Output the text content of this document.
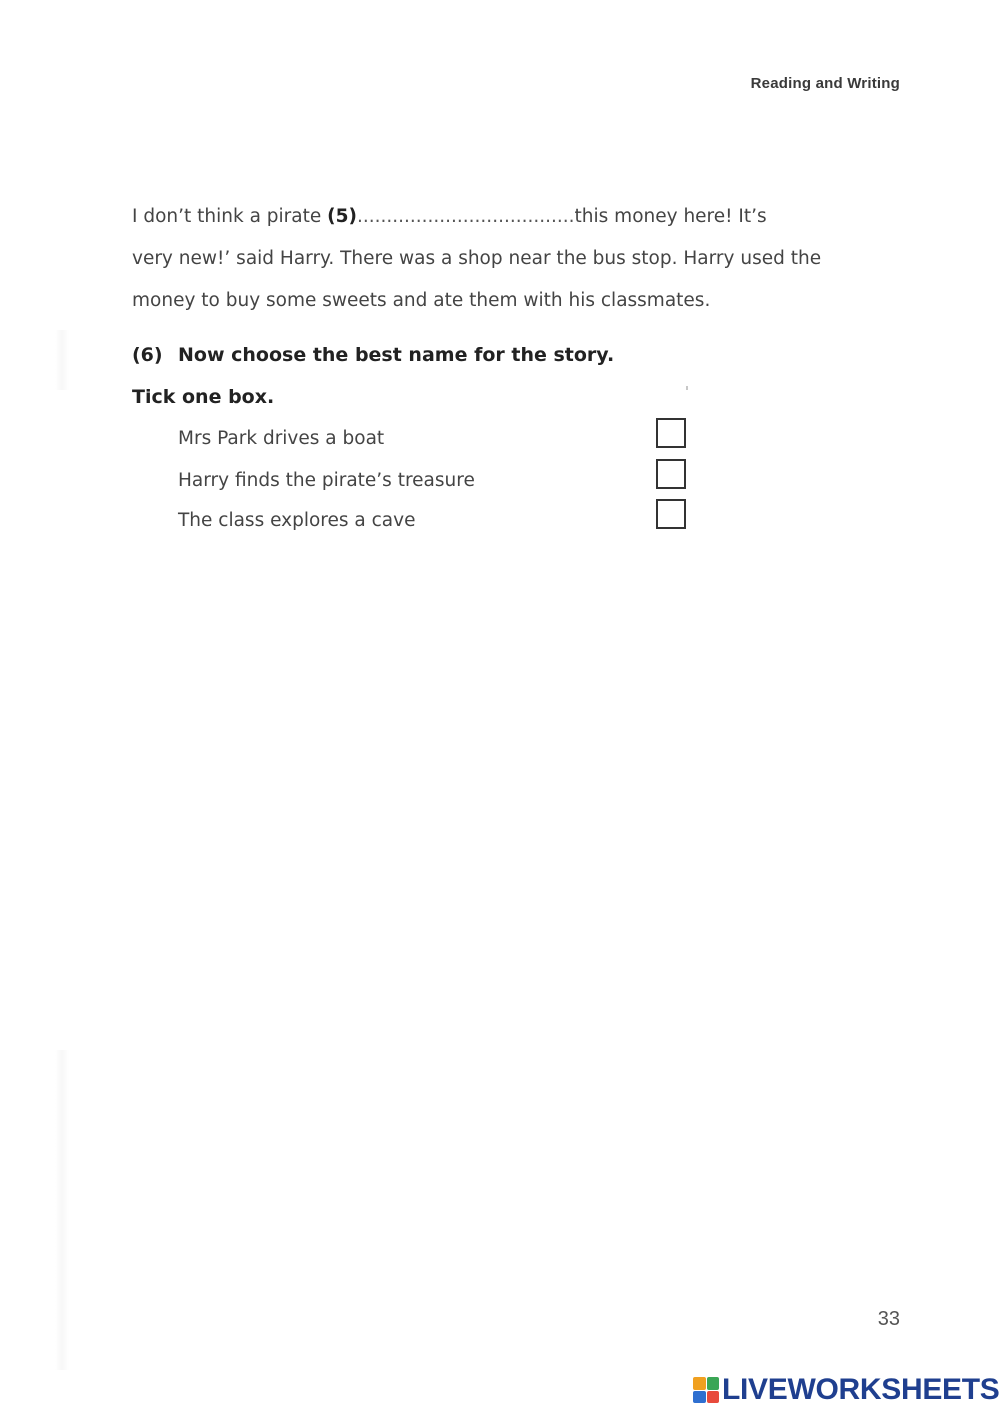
Reading and Writing
I don’t think a pirate (5).....................................this money here! It’s
very new!’ said Harry. There was a shop near the bus stop. Harry used the
money to buy some sweets and ate them with his classmates.
(6) Now choose the best name for the story.
Tick one box.
Mrs Park drives a boat
Harry finds the pirate’s treasure
The class explores a cave
33
LIVEWORKSHEETS
